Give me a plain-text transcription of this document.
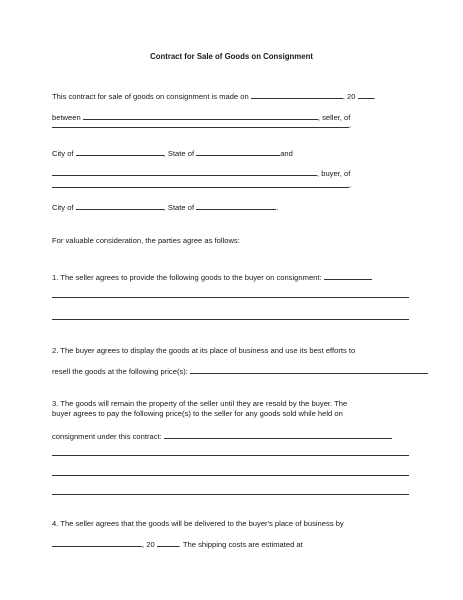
Contract for Sale of Goods on Consignment
This contract for sale of goods on consignment is made on	, 20 .
between	, seller, of
,
City of	, State of	and
, buyer, of
,
City of	, State of	.
For valuable consideration, the parties agree as follows:
1. The seller agrees to provide the following goods to the buyer on consignment:
2. The buyer agrees to display the goods at its place of business and use its best efforts to
resell the goods at the following price(s):
3. The goods will remain the property of the seller until they are resold by the buyer. The
buyer agrees to pay the following price(s) to the seller for any goods sold while held on
consignment under this contract:
4. The seller agrees that the goods will be delivered to the buyer's place of business by
, 20	. The shipping costs are estimated at
